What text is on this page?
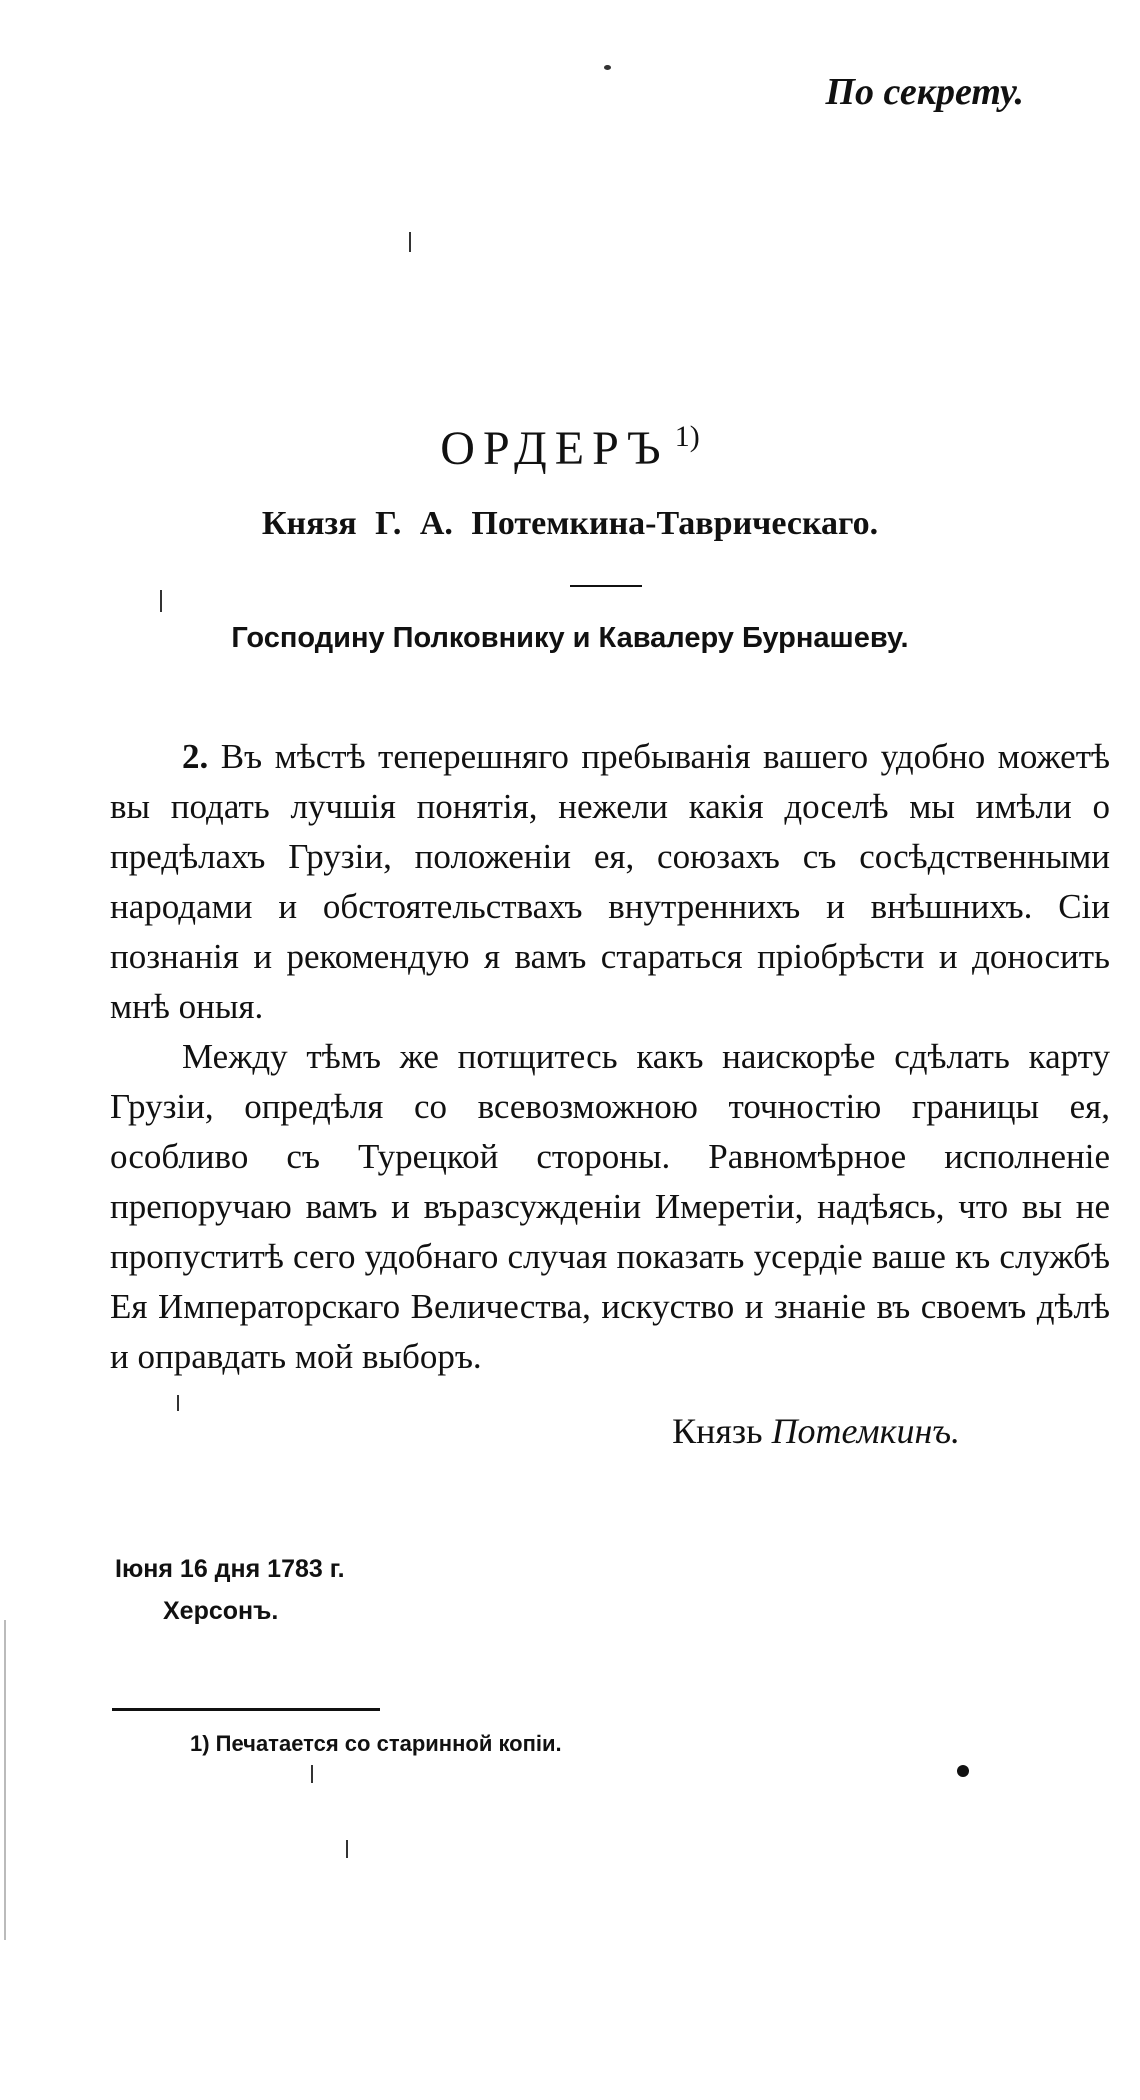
По секрету.
ОРДЕРЪ $^{1)}$
Князя Г. А. Потемкина-Таврическаго.
Господину Полковнику и Кавалеру Бурнашеву.

2. Въ мѣстѣ теперешняго пребыванія вашего удобно можетѣ вы подать лучшія понятія, нежели какія доселѣ мы имѣли о предѣлахъ Грузіи, положеніи ея, союзахъ съ сосѣдственными народами и обстоятельствахъ внутреннихъ и внѣшнихъ. Сіи познанія и рекомендую я вамъ стараться пріобрѣсти и доносить мнѣ оныя.

Между тѣмъ же потщитесь какъ наискорѣе сдѣлать карту Грузіи, опредѣля со всевозможною точностію границы ея, особливо съ Турецкой стороны. Равномѣрное исполненіе препоручаю вамъ и въразсужденіи Имеретіи, надѣясь, что вы не пропуститѣ сего удобнаго случая показать усердіе ваше къ службѣ Ея Императорскаго Величества, искуство и знаніе въ своемъ дѣлѣ и оправдать мой выборъ.

Князь Потемкинъ.
Іюня 16 дня 1783 г.
Херсонъ.
1) Печатается со старинной копіи.
